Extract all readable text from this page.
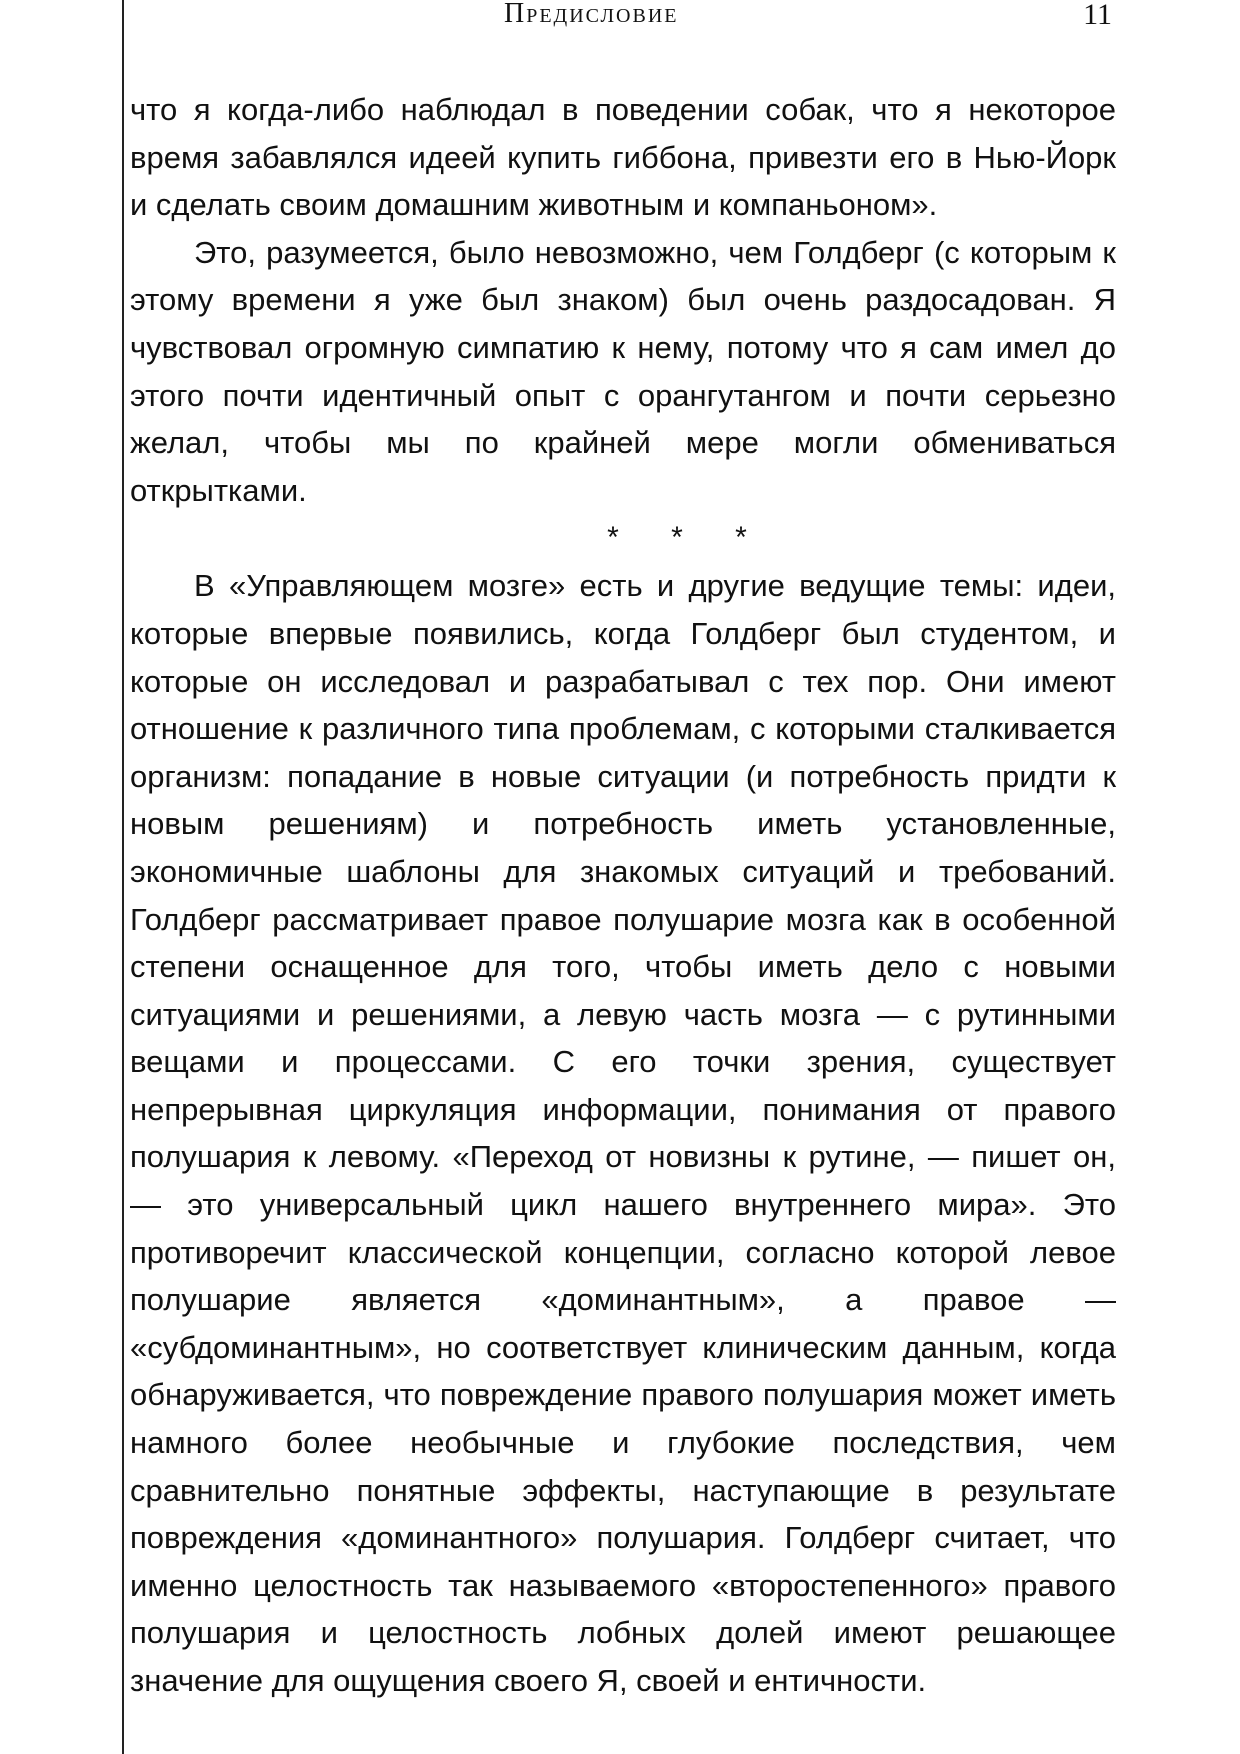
Предисловие	11

что я когда-либо наблюдал в поведении собак, что я некоторое время забавлялся идеей купить гиббона, привезти его в Нью-Йорк и сделать своим домашним животным и компаньоном».

Это, разумеется, было невозможно, чем Голдберг (с которым к этому времени я уже был знаком) был очень раздосадован. Я чувствовал огромную симпатию к нему, потому что я сам имел до этого почти идентичный опыт с орангутангом и почти серьезно желал, чтобы мы по крайней мере могли обмениваться открытками.

* * *

В «Управляющем мозге» есть и другие ведущие темы: идеи, которые впервые появились, когда Голдберг был студентом, и которые он исследовал и разрабатывал с тех пор. Они имеют отношение к различного типа проблемам, с которыми сталкивается организм: попадание в новые ситуации (и потребность придти к новым решениям) и потребность иметь установленные, экономичные шаблоны для знакомых ситуаций и требований. Голдберг рассматривает правое полушарие мозга как в особенной степени оснащенное для того, чтобы иметь дело с новыми ситуациями и решениями, а левую часть мозга — с рутинными вещами и процессами. С его точки зрения, существует непрерывная циркуляция информации, понимания от правого полушария к левому. «Переход от новизны к рутине, — пишет он, — это универсальный цикл нашего внутреннего мира». Это противоречит классической концепции, согласно которой левое полушарие является «доминантным», а правое — «субдоминантным», но соответствует клиническим данным, когда обнаруживается, что повреждение правого полушария может иметь намного более необычные и глубокие последствия, чем сравнительно понятные эффекты, наступающие в результате повреждения «доминантного» полушария. Голдберг считает, что именно целостность так называемого «второстепенного» правого полушария и целостность лобных долей имеют решающее значение для ощущения своего Я, своей и ентичности.
